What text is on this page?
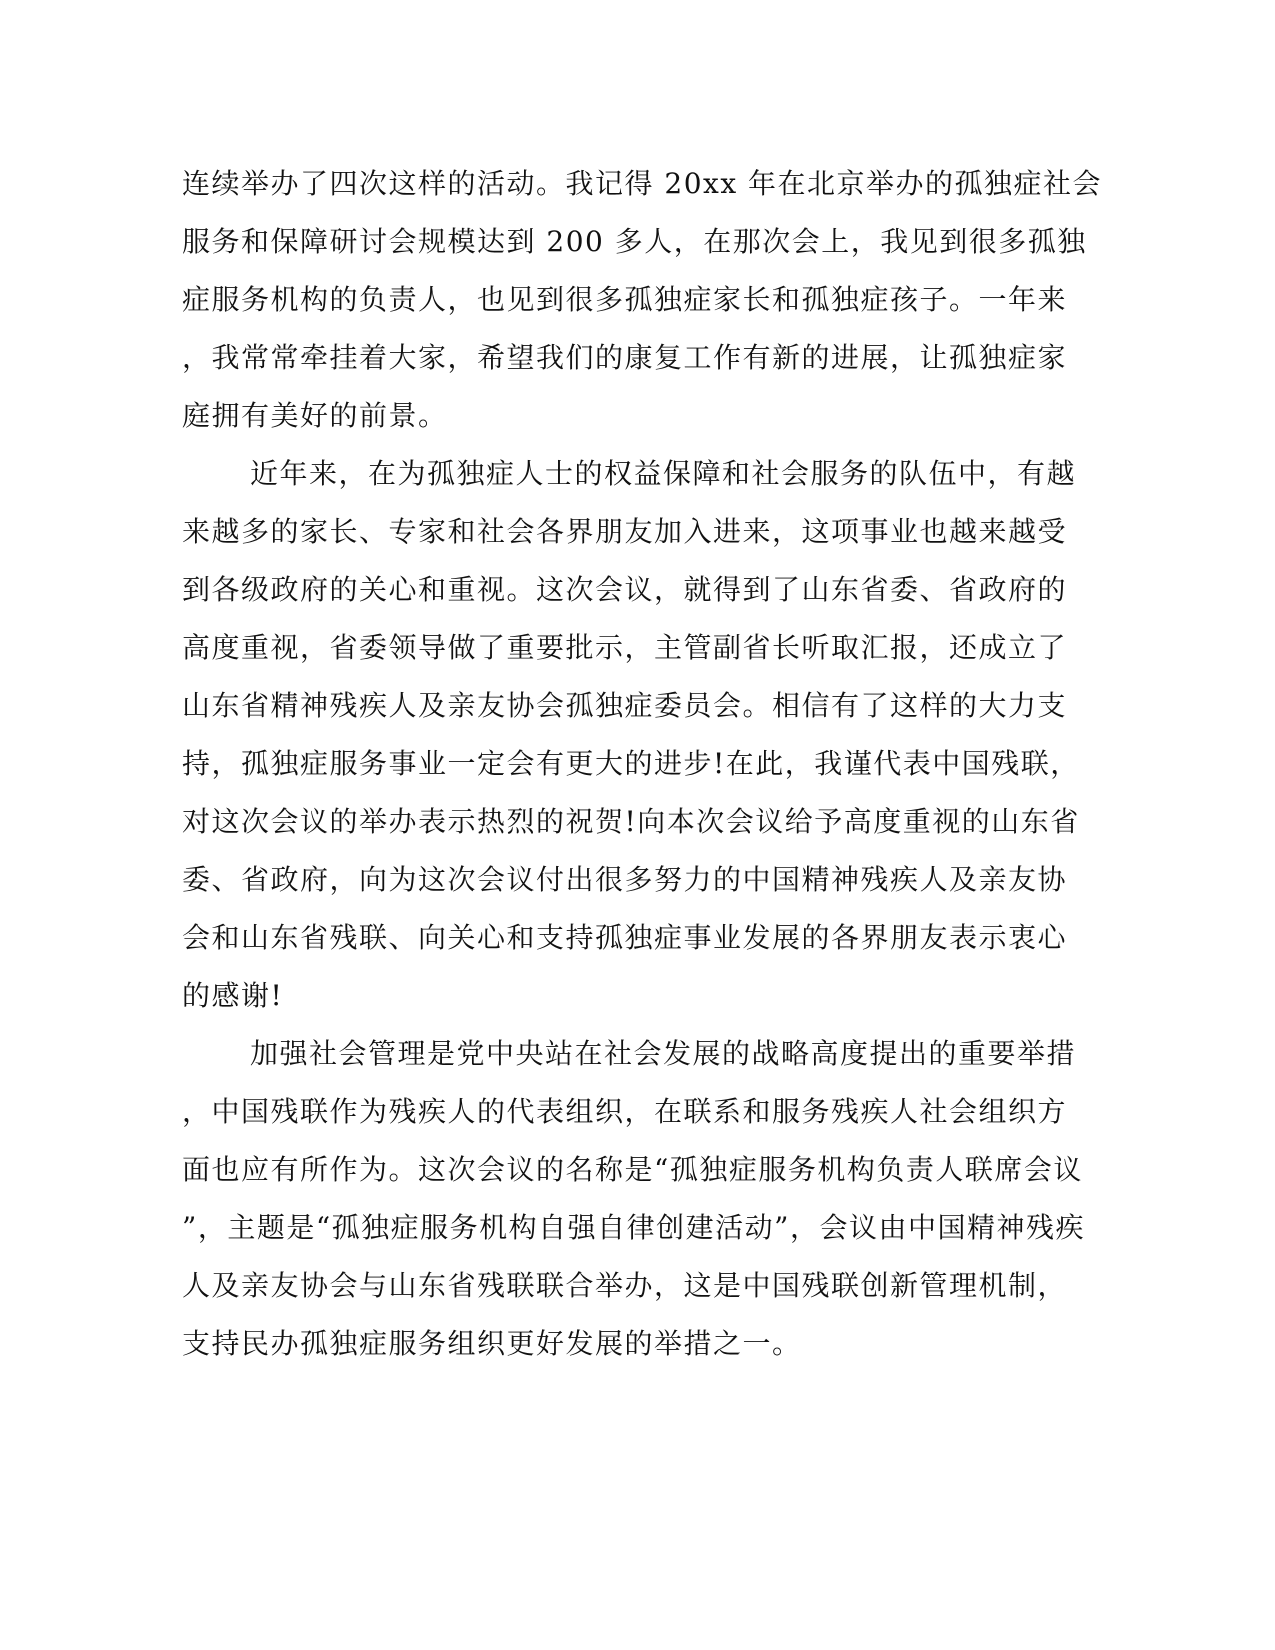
连续举办了四次这样的活动。我记得 20xx 年在北京举办的孤独症社会
服务和保障研讨会规模达到 200 多人，在那次会上，我见到很多孤独
症服务机构的负责人，也见到很多孤独症家长和孤独症孩子。一年来
，我常常牵挂着大家，希望我们的康复工作有新的进展，让孤独症家
庭拥有美好的前景。
近年来，在为孤独症人士的权益保障和社会服务的队伍中，有越
来越多的家长、专家和社会各界朋友加入进来，这项事业也越来越受
到各级政府的关心和重视。这次会议，就得到了山东省委、省政府的
高度重视，省委领导做了重要批示，主管副省长听取汇报，还成立了
山东省精神残疾人及亲友协会孤独症委员会。相信有了这样的大力支
持，孤独症服务事业一定会有更大的进步!在此，我谨代表中国残联，
对这次会议的举办表示热烈的祝贺!向本次会议给予高度重视的山东省
委、省政府，向为这次会议付出很多努力的中国精神残疾人及亲友协
会和山东省残联、向关心和支持孤独症事业发展的各界朋友表示衷心
的感谢!
加强社会管理是党中央站在社会发展的战略高度提出的重要举措
，中国残联作为残疾人的代表组织，在联系和服务残疾人社会组织方
面也应有所作为。这次会议的名称是“孤独症服务机构负责人联席会议
”，主题是“孤独症服务机构自强自律创建活动”，会议由中国精神残疾
人及亲友协会与山东省残联联合举办，这是中国残联创新管理机制，
支持民办孤独症服务组织更好发展的举措之一。
